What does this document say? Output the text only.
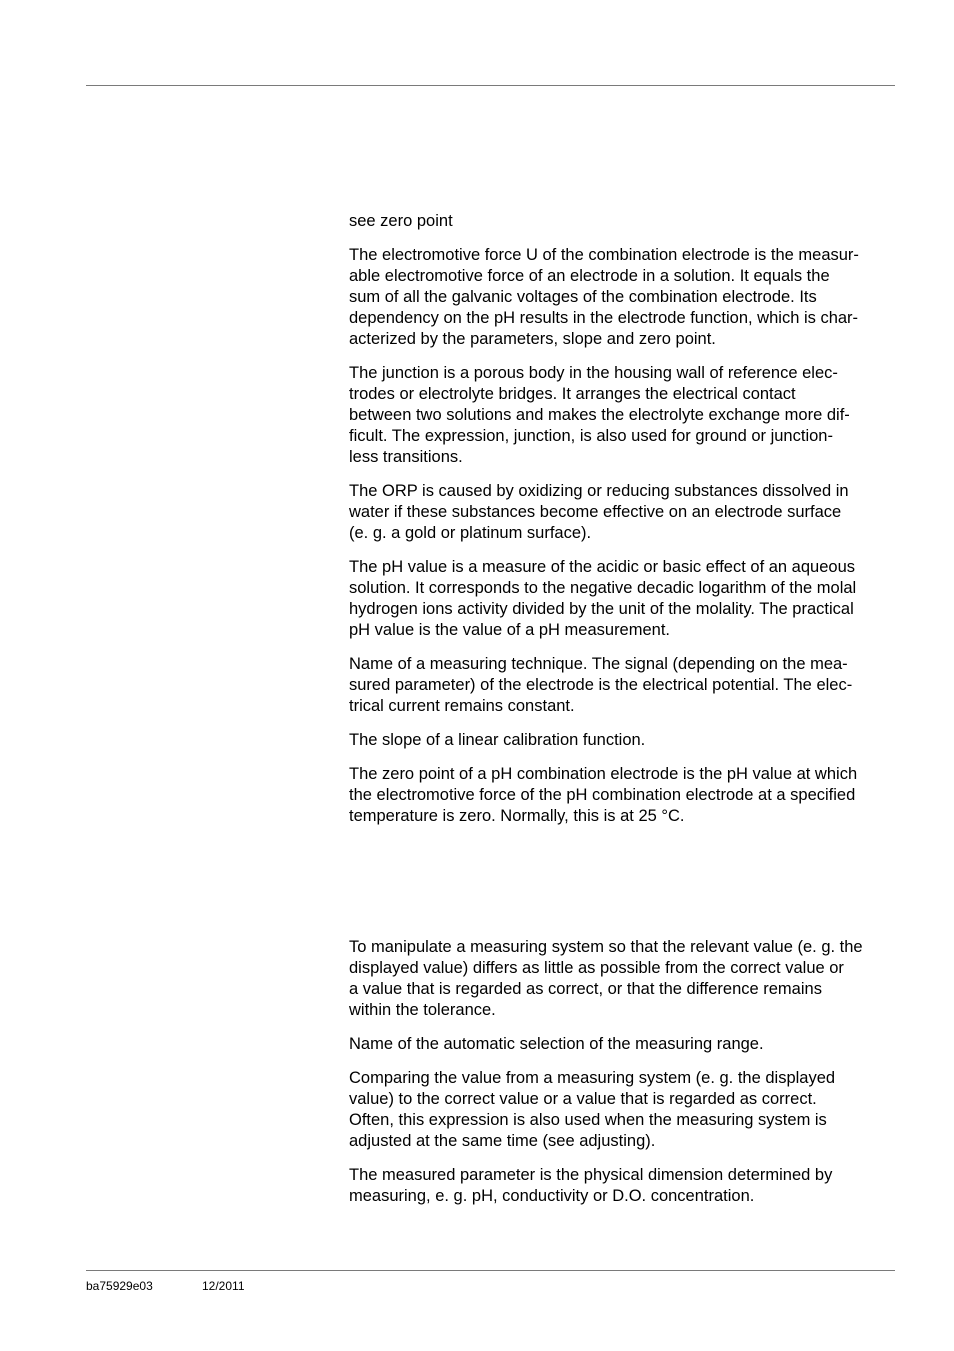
see zero point

The electromotive force U of the combination electrode is the measur-
able electromotive force of an electrode in a solution. It equals the
sum of all the galvanic voltages of the combination electrode. Its
dependency on the pH results in the electrode function, which is char-
acterized by the parameters, slope and zero point.

The junction is a porous body in the housing wall of reference elec-
trodes or electrolyte bridges. It arranges the electrical contact
between two solutions and makes the electrolyte exchange more dif-
ficult. The expression, junction, is also used for ground or junction-
less transitions.

The ORP is caused by oxidizing or reducing substances dissolved in
water if these substances become effective on an electrode surface
(e. g. a gold or platinum surface).

The pH value is a measure of the acidic or basic effect of an aqueous
solution. It corresponds to the negative decadic logarithm of the molal
hydrogen ions activity divided by the unit of the molality. The practical
pH value is the value of a pH measurement.

Name of a measuring technique. The signal (depending on the mea-
sured parameter) of the electrode is the electrical potential. The elec-
trical current remains constant.

The slope of a linear calibration function.

The zero point of a pH combination electrode is the pH value at which
the electromotive force of the pH combination electrode at a specified
temperature is zero. Normally, this is at 25 °C.

To manipulate a measuring system so that the relevant value (e. g. the
displayed value) differs as little as possible from the correct value or
a value that is regarded as correct, or that the difference remains
within the tolerance.

Name of the automatic selection of the measuring range.

Comparing the value from a measuring system (e. g. the displayed
value) to the correct value or a value that is regarded as correct.
Often, this expression is also used when the measuring system is
adjusted at the same time (see adjusting).

The measured parameter is the physical dimension determined by
measuring, e. g. pH, conductivity or D.O. concentration.

ba75929e03	12/2011
